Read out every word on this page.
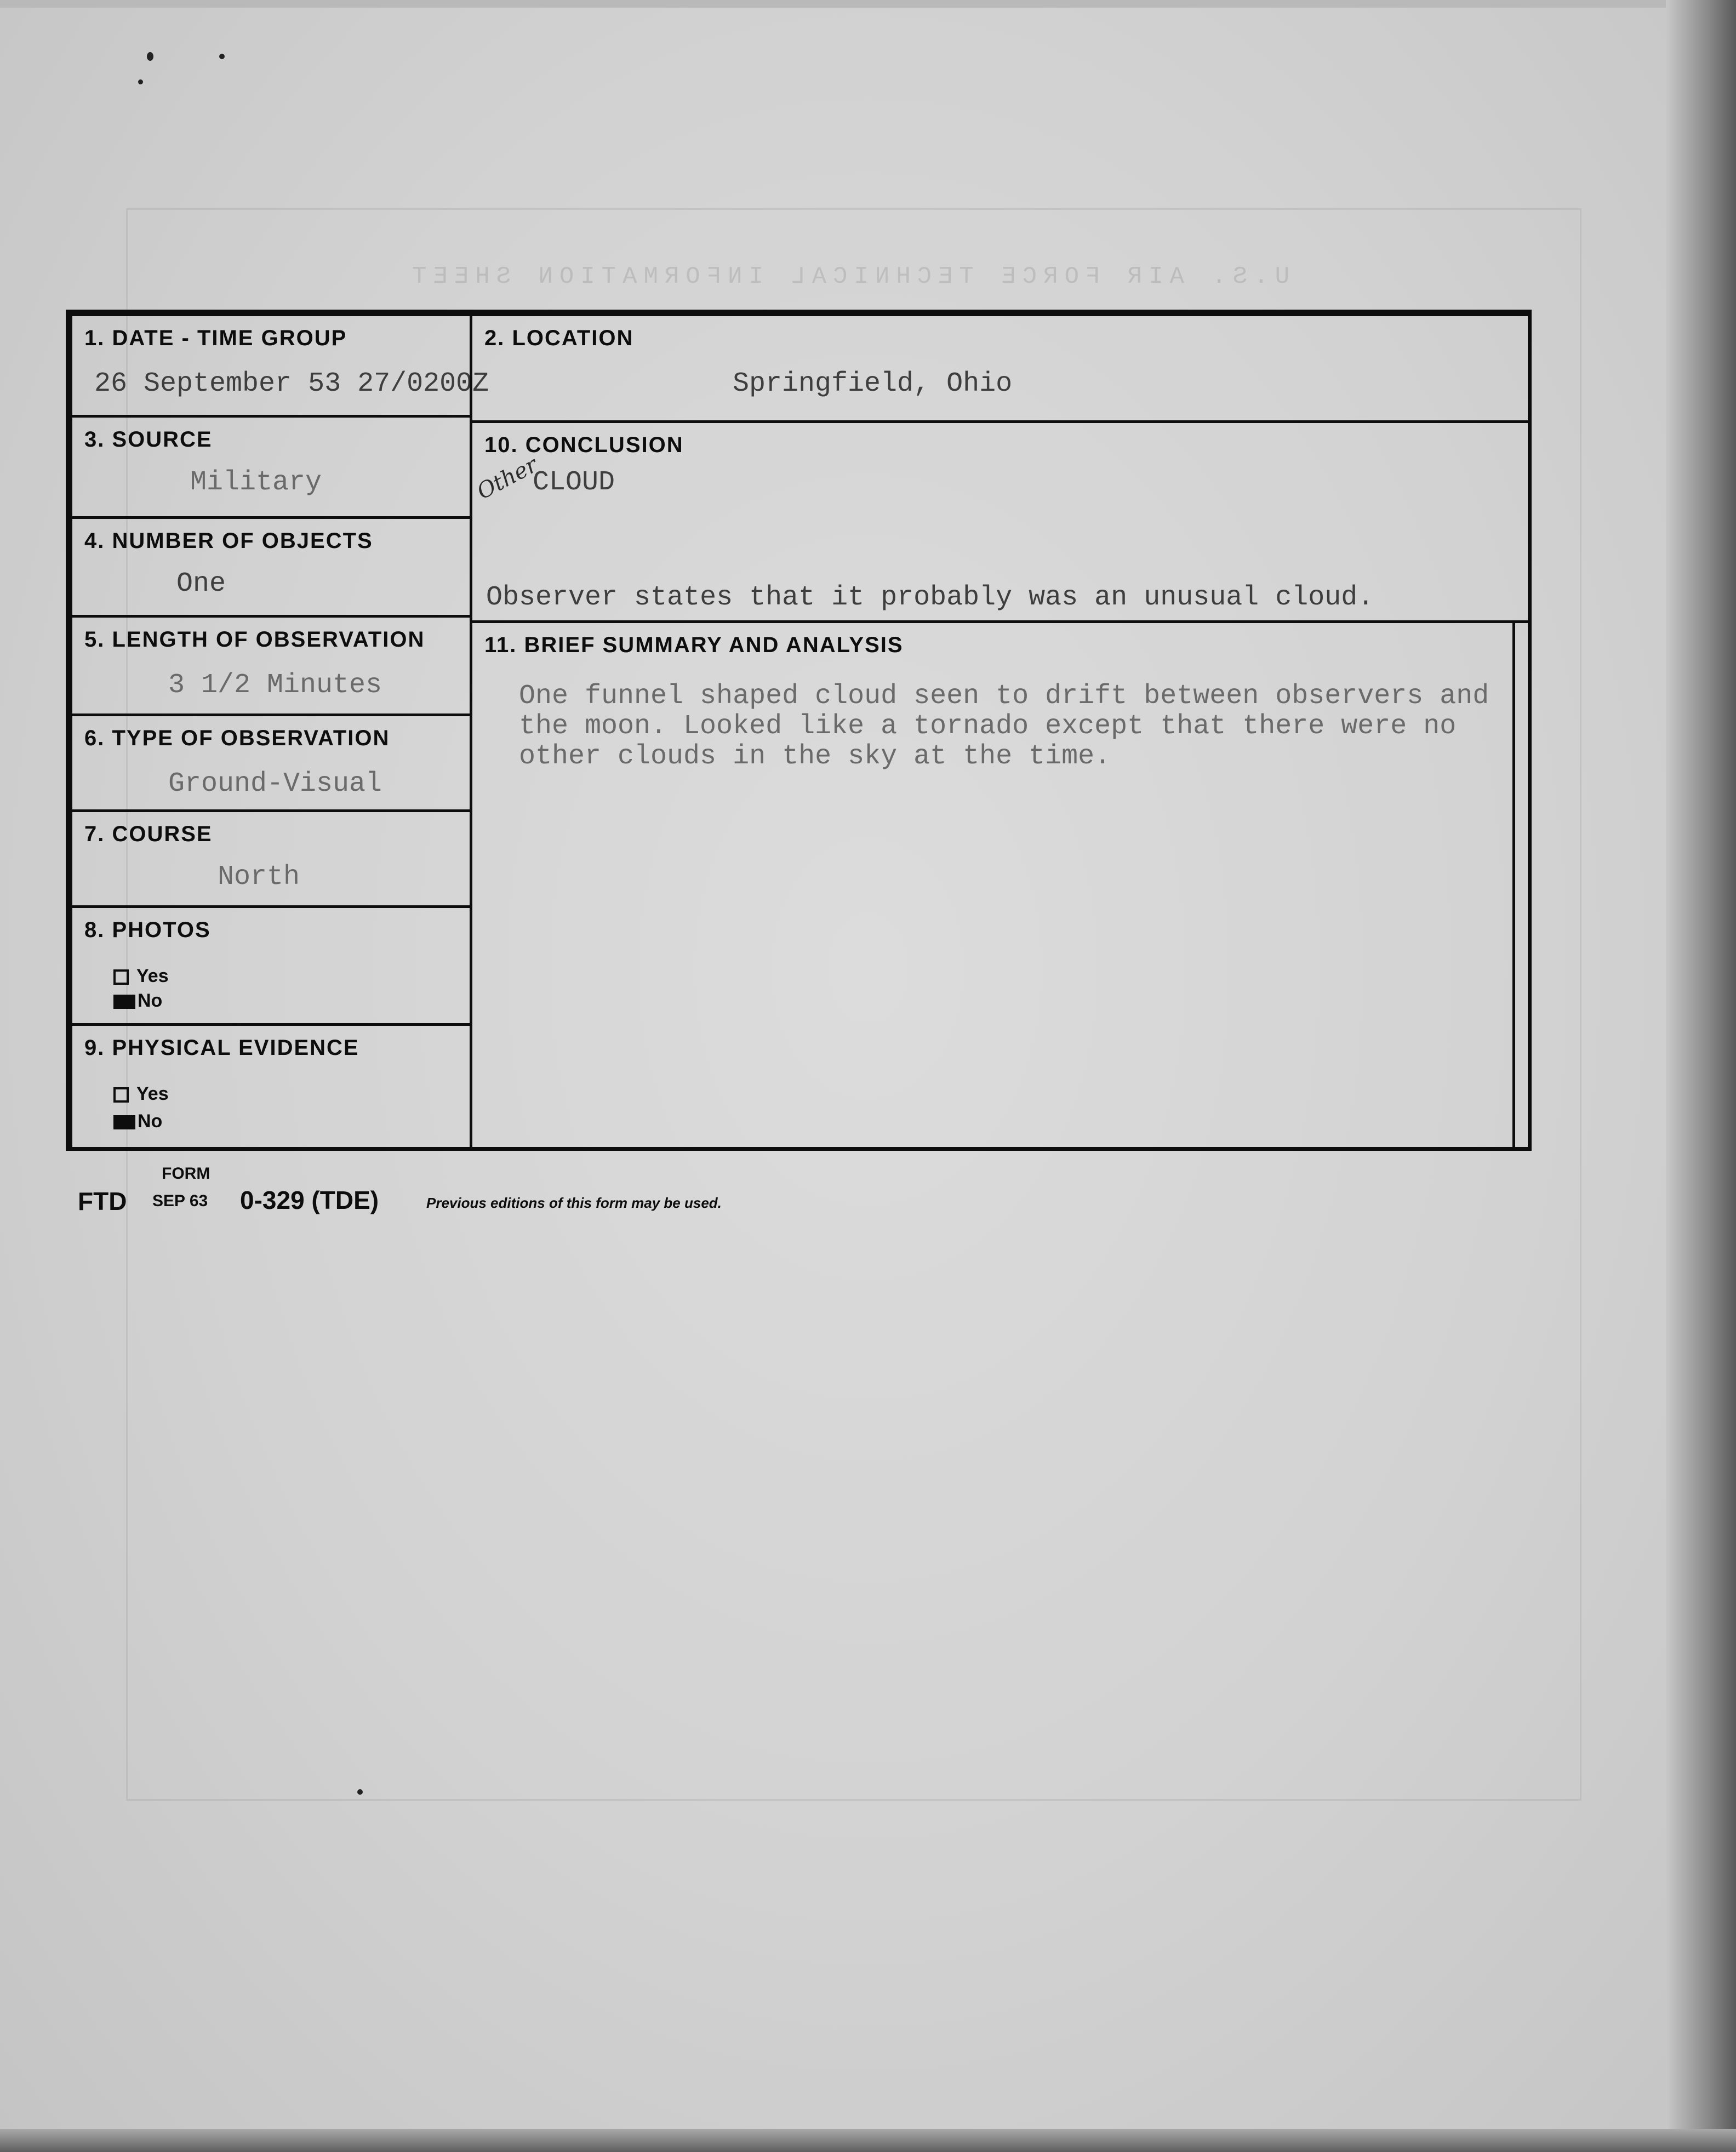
U.S. AIR FORCE TECHNICAL INFORMATION SHEET
1. DATE - TIME GROUP
26 September 53 27/0200Z
2. LOCATION
Springfield, Ohio
3. SOURCE
Military
10. CONCLUSION
Other
CLOUD
Observer states that it probably was an unusual cloud.
4. NUMBER OF OBJECTS
One
11. BRIEF SUMMARY AND ANALYSIS
One funnel shaped cloud seen to drift between observers and
the moon. Looked like a tornado except that there were no
other clouds in the sky at the time.
5. LENGTH OF OBSERVATION
3 1/2 Minutes
6. TYPE OF OBSERVATION
Ground-Visual
7. COURSE
North
8. PHOTOS
Yes
No
9. PHYSICAL EVIDENCE
Yes
No
FORM
FTD SEP 63 0-329 (TDE)	Previous editions of this form may be used.
